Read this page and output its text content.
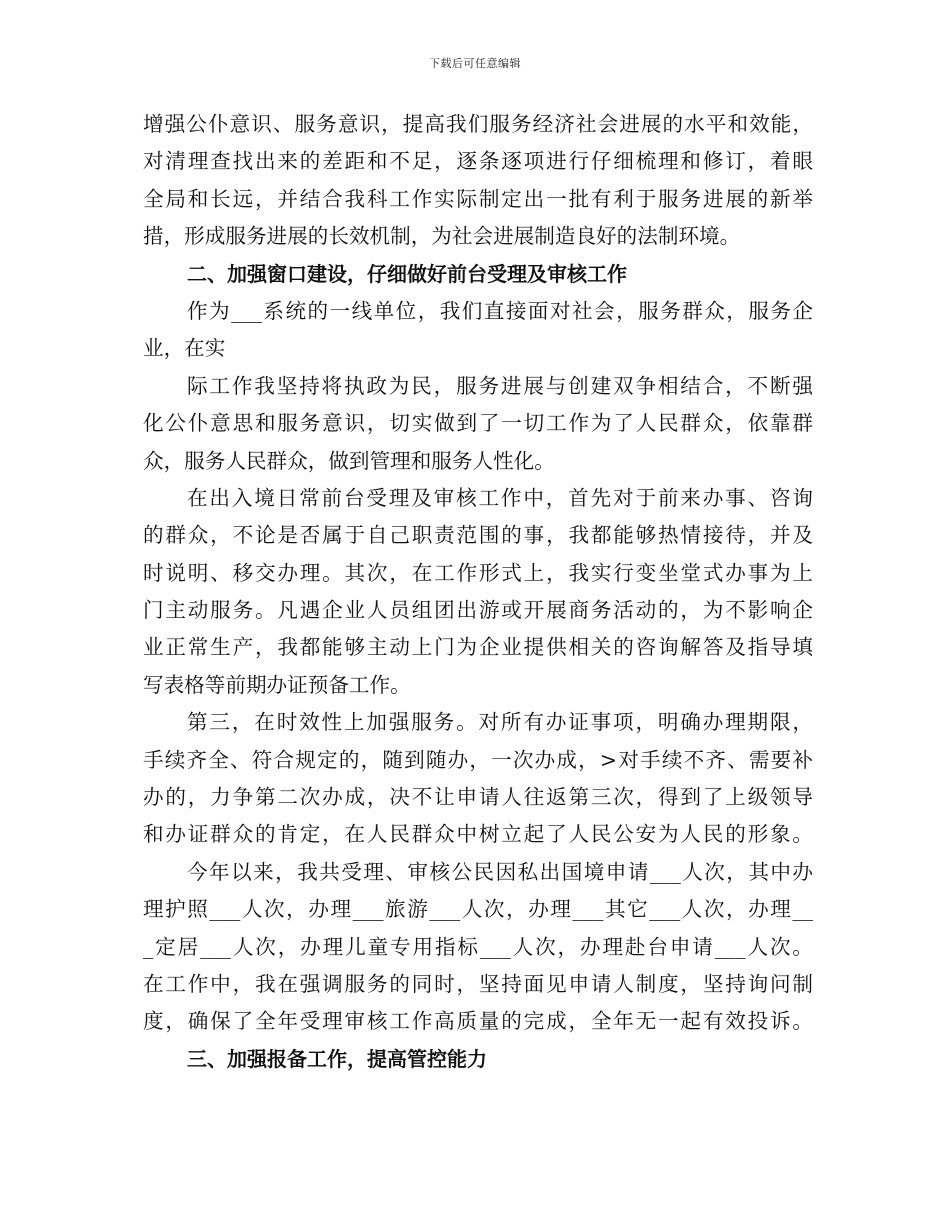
下载后可任意编辑
增强公仆意识、服务意识，提高我们服务经济社会进展的水平和效能，
对清理查找出来的差距和不足，逐条逐项进行仔细梳理和修订，着眼
全局和长远，并结合我科工作实际制定出一批有利于服务进展的新举
措，形成服务进展的长效机制，为社会进展制造良好的法制环境。
二、加强窗口建设，仔细做好前台受理及审核工作
作为___系统的一线单位，我们直接面对社会，服务群众，服务企
业，在实
际工作我坚持将执政为民，服务进展与创建双争相结合，不断强
化公仆意思和服务意识，切实做到了一切工作为了人民群众，依靠群
众，服务人民群众，做到管理和服务人性化。
在出入境日常前台受理及审核工作中，首先对于前来办事、咨询
的群众，不论是否属于自己职责范围的事，我都能够热情接待，并及
时说明、移交办理。其次，在工作形式上，我实行变坐堂式办事为上
门主动服务。凡遇企业人员组团出游或开展商务活动的，为不影响企
业正常生产，我都能够主动上门为企业提供相关的咨询解答及指导填
写表格等前期办证预备工作。
第三，在时效性上加强服务。对所有办证事项，明确办理期限，
手续齐全、符合规定的，随到随办，一次办成，>对手续不齐、需要补
办的，力争第二次办成，决不让申请人往返第三次，得到了上级领导
和办证群众的肯定，在人民群众中树立起了人民公安为人民的形象。
今年以来，我共受理、审核公民因私出国境申请___人次，其中办
理护照___人次，办理___旅游___人次，办理___其它___人次，办理__
_定居___人次，办理儿童专用指标___人次，办理赴台申请___人次。
在工作中，我在强调服务的同时，坚持面见申请人制度，坚持询问制
度，确保了全年受理审核工作高质量的完成，全年无一起有效投诉。
三、加强报备工作，提高管控能力
